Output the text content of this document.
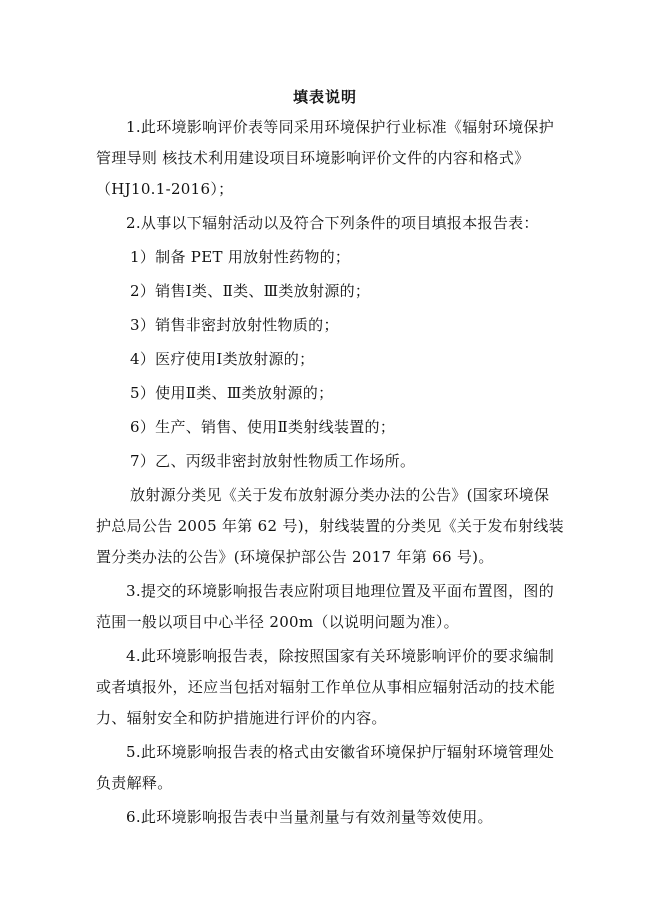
填表说明

1.此环境影响评价表等同采用环境保护行业标准《辐射环境保护管理导则 核技术利用建设项目环境影响评价文件的内容和格式》（HJ10.1-2016）；

2.从事以下辐射活动以及符合下列条件的项目填报本报告表：

1）制备 PET 用放射性药物的；

2）销售Ⅰ类、Ⅱ类、Ⅲ类放射源的；

3）销售非密封放射性物质的；

4）医疗使用Ⅰ类放射源的；

5）使用Ⅱ类、Ⅲ类放射源的；

6）生产、销售、使用Ⅱ类射线装置的；

7）乙、丙级非密封放射性物质工作场所。

放射源分类见《关于发布放射源分类办法的公告》(国家环境保护总局公告 2005 年第 62 号)，射线装置的分类见《关于发布射线装置分类办法的公告》(环境保护部公告 2017 年第 66 号)。

3.提交的环境影响报告表应附项目地理位置及平面布置图，图的范围一般以项目中心半径 200m（以说明问题为准）。

4.此环境影响报告表，除按照国家有关环境影响评价的要求编制或者填报外，还应当包括对辐射工作单位从事相应辐射活动的技术能力、辐射安全和防护措施进行评价的内容。

5.此环境影响报告表的格式由安徽省环境保护厅辐射环境管理处负责解释。

6.此环境影响报告表中当量剂量与有效剂量等效使用。
